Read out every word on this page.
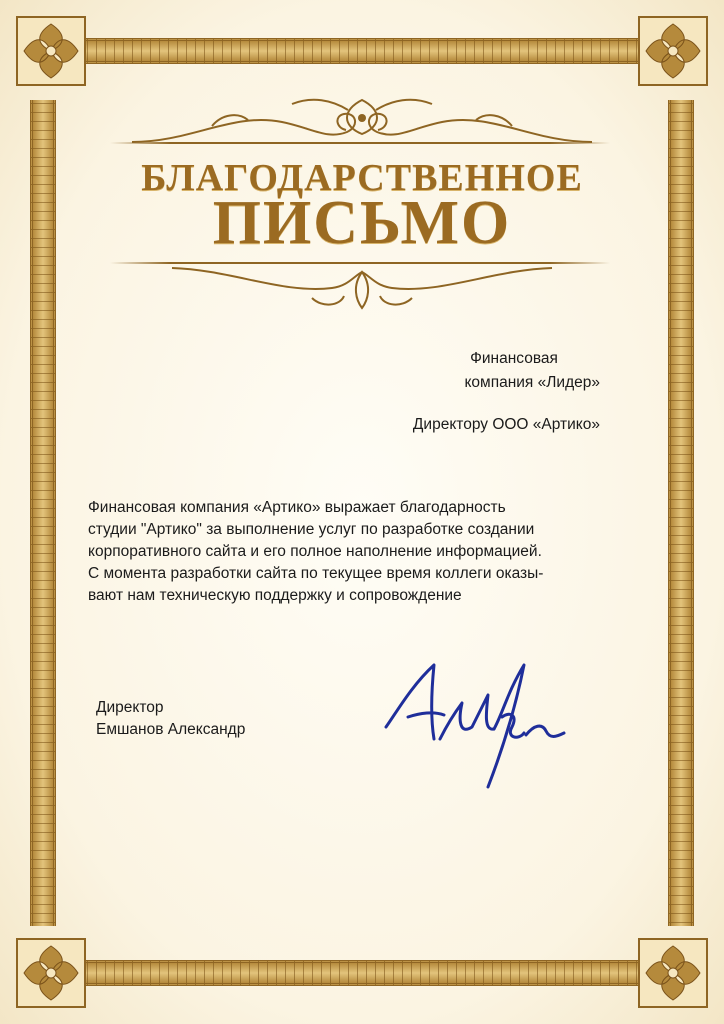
БЛАГОДАРСТВЕННОЕ
ПИСЬМО
Финансовая
компания «Лидер»
Директору ООО «Артико»
Финансовая компания «Артико» выражает благодарность
студии "Артико" за выполнение услуг по разработке создании
корпоративного сайта и его полное наполнение информацией.
С момента разработки сайта по текущее время коллеги оказы-
вают нам техническую поддержку и сопровождение
Директор
Емшанов Александр
